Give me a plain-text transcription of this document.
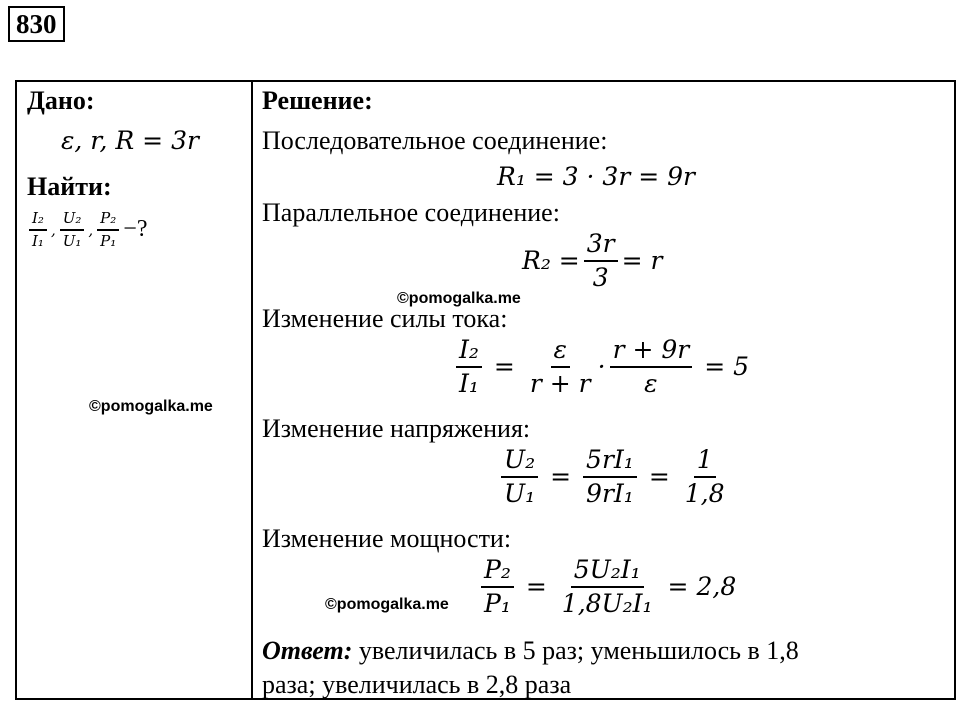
830
Дано:
ε, r, R = 3r
Найти:
$\frac{\text{I₂}}{\text{I₁}}$ , $\frac{\text{U₂}}{\text{U₁}}$ , $\frac{\text{P₂}}{\text{P₁}}$ −?
Решение:
Последовательное соединение:
R₁ = 3 · 3r = 9r
Параллельное соединение:
$R_2 = \frac{3r}{3} = r$
Изменение силы тока:
$\frac{\text{I₂}}{\text{I₁}} = \frac{\varepsilon}{r + r} \cdot \frac{r + 9r}{\varepsilon} = 5$
Изменение напряжения:
$\frac{\text{U₂}}{\text{U₁}} = \frac{\text{5rI₁}}{\text{9rI₁}} = \frac{1}{1,8}$
Изменение мощности:
$\frac{\text{P₂}}{\text{P₁}} = \frac{\text{5U₂I₁}}{\text{1,8U₂I₁}} = 2,8$
Ответ: увеличилась в 5 раз; уменьшилось в 1,8
раза; увеличилась в 2,8 раза
©pomogalka.me
©pomogalka.me
©pomogalka.me
